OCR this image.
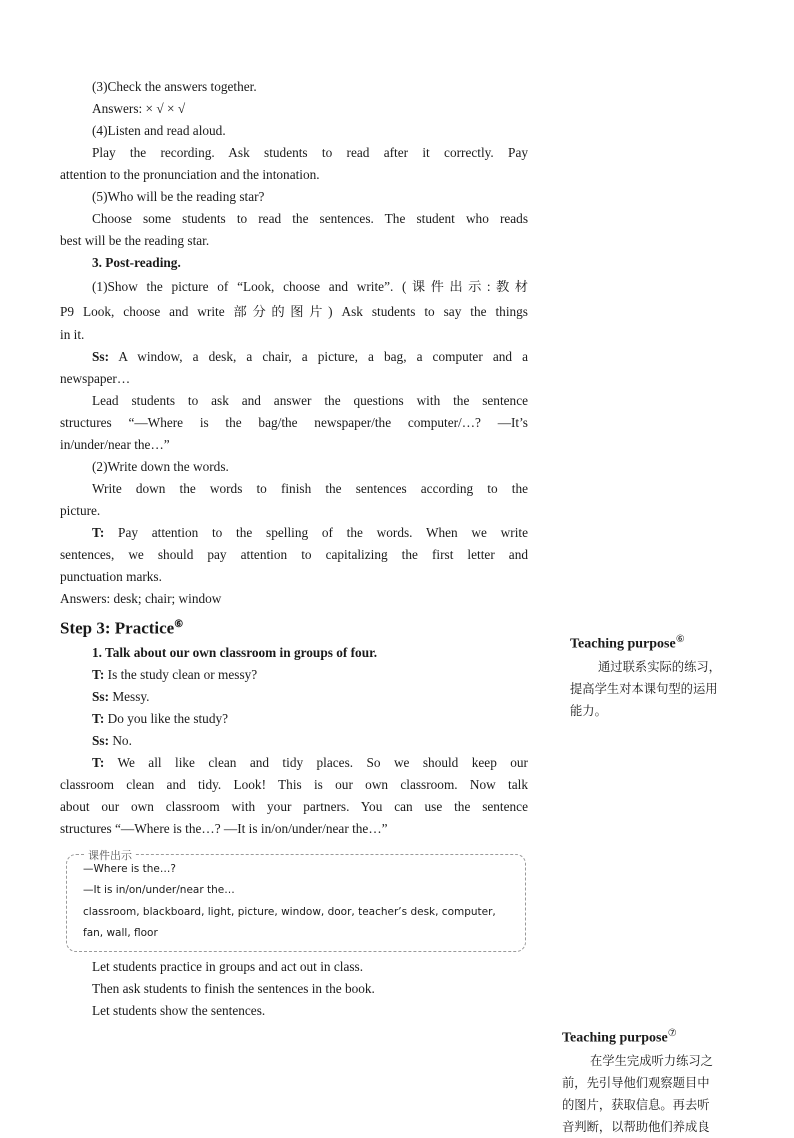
(3)Check the answers together.
Answers: × √ × √
(4)Listen and read aloud.
Play the recording. Ask students to read after it correctly. Pay
attention to the pronunciation and the intonation.
(5)Who will be the reading star?
Choose some students to read the sentences. The student who reads
best will be the reading star.
3. Post-reading.
(1)Show the picture of “Look, choose and write”. (课件出示:教材
P9 Look, choose and write 部分的图片) Ask students to say the things
in it.
Ss: A window, a desk, a chair, a picture, a bag, a computer and a
newspaper…
Lead students to ask and answer the questions with the sentence
structures “—Where is the bag/the newspaper/the computer/…? —It’s
in/under/near the…”
(2)Write down the words.
Write down the words to finish the sentences according to the
picture.
T: Pay attention to the spelling of the words. When we write
sentences, we should pay attention to capitalizing the first letter and
punctuation marks.
Answers: desk; chair; window
Step 3: Practice⑥
1. Talk about our own classroom in groups of four.
T: Is the study clean or messy?
Ss: Messy.
T: Do you like the study?
Ss: No.
T: We all like clean and tidy places. So we should keep our
classroom clean and tidy. Look! This is our own classroom. Now talk
about our own classroom with your partners. You can use the sentence
structures “—Where is the…? —It is in/on/under/near the…”
课件出示
—Where is the…?
—It is in/on/under/near the…
classroom, blackboard, light, picture, window, door, teacher’s desk, computer,
fan, wall, floor
Let students practice in groups and act out in class.
Then ask students to finish the sentences in the book.
Let students show the sentences.
Teaching purpose⑥
通过联系实际的练习，
提高学生对本课句型的运用
能力。
Teaching purpose⑦
在学生完成听力练习之
前，先引导他们观察题目中
的图片，获取信息。再去听
音判断，以帮助他们养成良
